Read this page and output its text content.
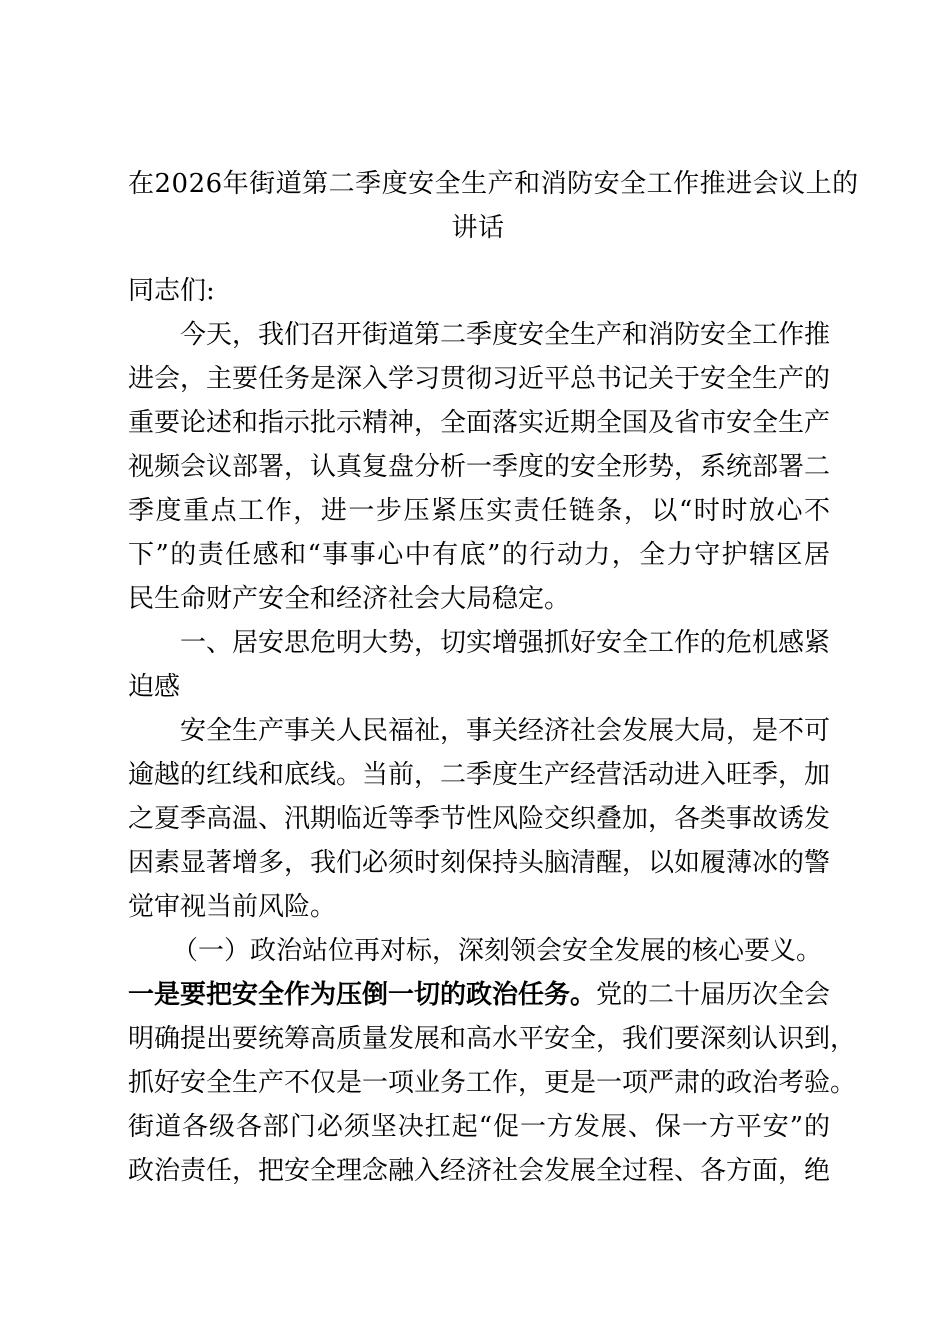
在2026年街道第二季度安全生产和消防安全工作推进会议上的
讲话
同志们:
今天，我们召开街道第二季度安全生产和消防安全工作推
进会，主要任务是深入学习贯彻习近平总书记关于安全生产的
重要论述和指示批示精神，全面落实近期全国及省市安全生产
视频会议部署，认真复盘分析一季度的安全形势，系统部署二
季度重点工作，进一步压紧压实责任链条，以“时时放心不
下”的责任感和“事事心中有底”的行动力，全力守护辖区居
民生命财产安全和经济社会大局稳定。
一、居安思危明大势，切实增强抓好安全工作的危机感紧
迫感
安全生产事关人民福祉，事关经济社会发展大局，是不可
逾越的红线和底线。当前，二季度生产经营活动进入旺季，加
之夏季高温、汛期临近等季节性风险交织叠加，各类事故诱发
因素显著增多，我们必须时刻保持头脑清醒，以如履薄冰的警
觉审视当前风险。
（一）政治站位再对标，深刻领会安全发展的核心要义。
一是要把安全作为压倒一切的政治任务。党的二十届历次全会
明确提出要统筹高质量发展和高水平安全，我们要深刻认识到，
抓好安全生产不仅是一项业务工作，更是一项严肃的政治考验。
街道各级各部门必须坚决扛起“促一方发展、保一方平安”的
政治责任，把安全理念融入经济社会发展全过程、各方面，绝
